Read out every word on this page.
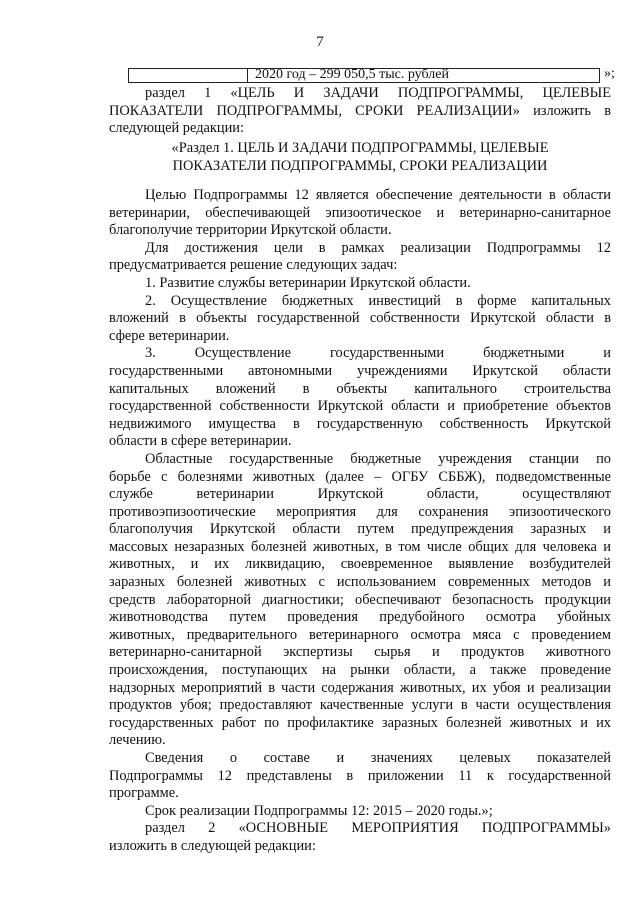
7
2020 год – 299 050,5 тыс. рублей	»;

раздел 1 «ЦЕЛЬ И ЗАДАЧИ ПОДПРОГРАММЫ, ЦЕЛЕВЫЕ

ПОКАЗАТЕЛИ ПОДПРОГРАММЫ, СРОКИ РЕАЛИЗАЦИИ» изложить в

следующей редакции:

«Раздел 1. ЦЕЛЬ И ЗАДАЧИ ПОДПРОГРАММЫ, ЦЕЛЕВЫЕ
ПОКАЗАТЕЛИ ПОДПРОГРАММЫ, СРОКИ РЕАЛИЗАЦИИ

Целью Подпрограммы 12 является обеспечение деятельности в области

ветеринарии, обеспечивающей эпизоотическое и ветеринарно-санитарное

благополучие территории Иркутской области.

Для достижения цели в рамках реализации Подпрограммы 12

предусматривается решение следующих задач:

1. Развитие службы ветеринарии Иркутской области.

2. Осуществление бюджетных инвестиций в форме капитальных

вложений в объекты государственной собственности Иркутской области в

сфере ветеринарии.

3. Осуществление государственными бюджетными и

государственными автономными учреждениями Иркутской области

капитальных вложений в объекты капитального строительства

государственной собственности Иркутской области и приобретение объектов

недвижимого имущества в государственную собственность Иркутской

области в сфере ветеринарии.

Областные государственные бюджетные учреждения станции по

борьбе с болезнями животных (далее – ОГБУ СББЖ), подведомственные

службе ветеринарии Иркутской области, осуществляют

противоэпизоотические мероприятия для сохранения эпизоотического

благополучия Иркутской области путем предупреждения заразных и

массовых незаразных болезней животных, в том числе общих для человека и

животных, и их ликвидацию, своевременное выявление возбудителей

заразных болезней животных с использованием современных методов и

средств лабораторной диагностики; обеспечивают безопасность продукции

животноводства путем проведения предубойного осмотра убойных

животных, предварительного ветеринарного осмотра мяса с проведением

ветеринарно-санитарной экспертизы сырья и продуктов животного

происхождения, поступающих на рынки области, а также проведение

надзорных мероприятий в части содержания животных, их убоя и реализации

продуктов убоя; предоставляют качественные услуги в части осуществления

государственных работ по профилактике заразных болезней животных и их

лечению.

Сведения о составе и значениях целевых показателей

Подпрограммы 12 представлены в приложении 11 к государственной

программе.

Срок реализации Подпрограммы 12: 2015 – 2020 годы.»;

раздел 2 «ОСНОВНЫЕ МЕРОПРИЯТИЯ ПОДПРОГРАММЫ»

изложить в следующей редакции:
